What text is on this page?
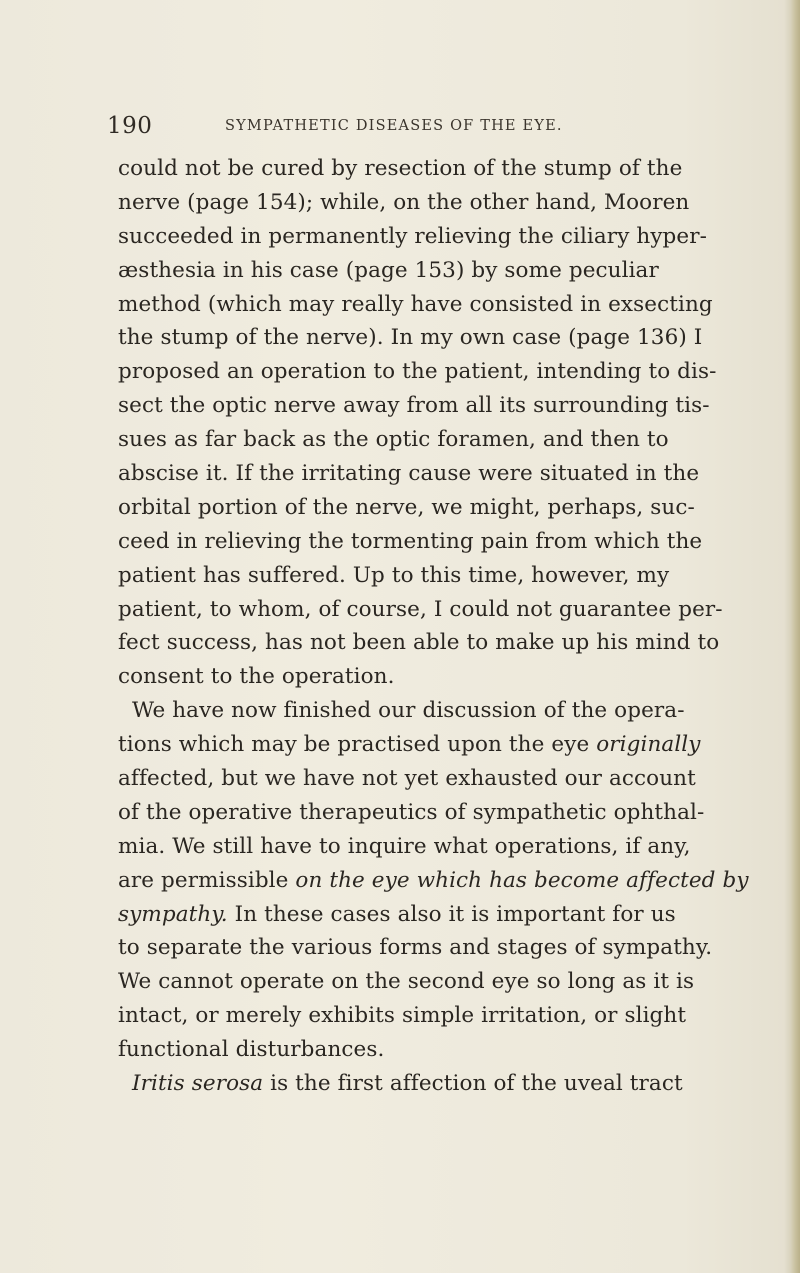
190	SYMPATHETIC DISEASES OF THE EYE.
could not be cured by resection of the stump of the
nerve (page 154); while, on the other hand, Mooren
succeeded in permanently relieving the ciliary hyper-
æsthesia in his case (page 153) by some peculiar
method (which may really have consisted in exsecting
the stump of the nerve). In my own case (page 136) I
proposed an operation to the patient, intending to dis-
sect the optic nerve away from all its surrounding tis-
sues as far back as the optic foramen, and then to
abscise it. If the irritating cause were situated in the
orbital portion of the nerve, we might, perhaps, suc-
ceed in relieving the tormenting pain from which the
patient has suffered. Up to this time, however, my
patient, to whom, of course, I could not guarantee per-
fect success, has not been able to make up his mind to
consent to the operation.
We have now finished our discussion of the opera-
tions which may be practised upon the eye originally
affected, but we have not yet exhausted our account
of the operative therapeutics of sympathetic ophthal-
mia. We still have to inquire what operations, if any,
are permissible on the eye which has become affected by
sympathy. In these cases also it is important for us
to separate the various forms and stages of sympathy.
We cannot operate on the second eye so long as it is
intact, or merely exhibits simple irritation, or slight
functional disturbances.
Iritis serosa is the first affection of the uveal tract
